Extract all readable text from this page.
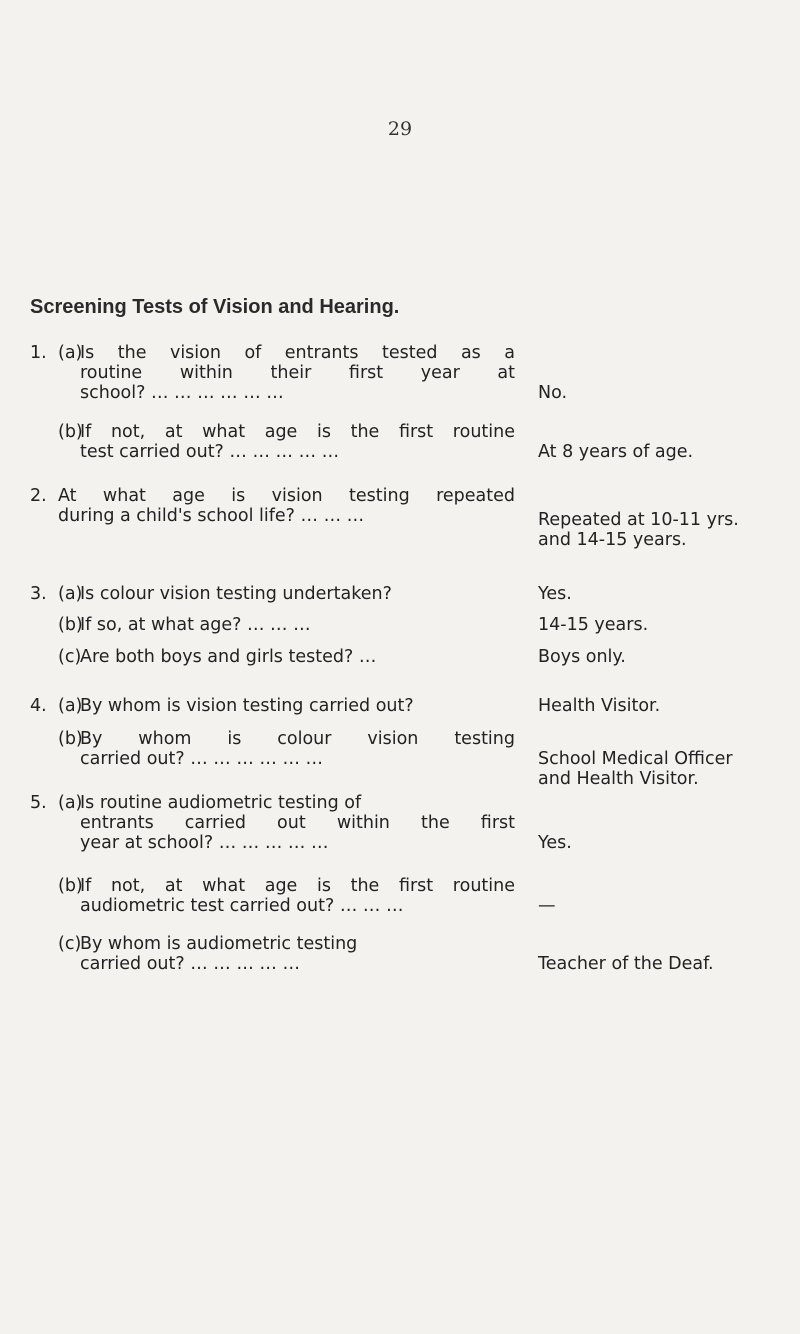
29
Screening Tests of Vision and Hearing.
1. (a)
Is the vision of entrants tested as a
routine within their first year at
school? … … … … … …	No.
(b)
If not, at what age is the first routine
test carried out? … … … … …	At 8 years of age.
2. At what age is vision testing repeated
during a child's school life? … … …	Repeated at 10-11 yrs.
and 14-15 years.
3. (a)
Is colour vision testing undertaken?	Yes.
(b)
If so, at what age? … … …	14-15 years.
(c)
Are both boys and girls tested? …	Boys only.
4. (a)
By whom is vision testing carried out?	Health Visitor.
(b)
By whom is colour vision testing
carried out? … … … … … …	School Medical Officer
and Health Visitor.
5. (a)
Is routine audiometric testing of
entrants carried out within the first
year at school? … … … … …	Yes.
(b)
If not, at what age is the first routine
audiometric test carried out? … … …	—
(c)
By whom is audiometric testing
carried out? … … … … …	Teacher of the Deaf.
